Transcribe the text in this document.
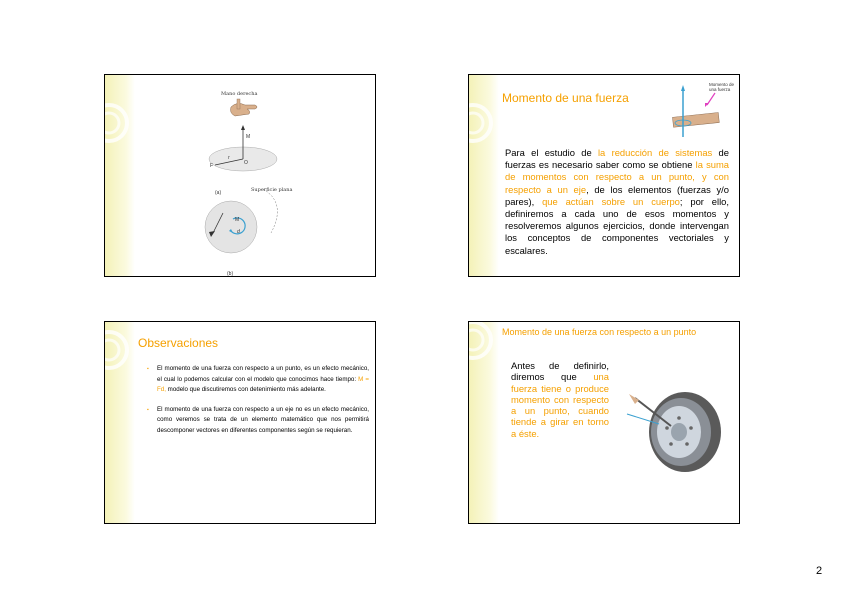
Mano derecha
M
O
F
r
(a)	Superficie plana
M
d
(b)
Momento de una fuerza
Momento de una fuerza
Para el estudio de la reducción de sistemas de fuerzas es necesario saber como se obtiene la suma de momentos con respecto a un punto, y con respecto a un eje, de los elementos (fuerzas y/o pares), que actúan sobre un cuerpo; por ello, definiremos a cada uno de esos momentos y resolveremos algunos ejercicios, donde intervengan los conceptos de componentes vectoriales y escalares.
Observaciones
▪ El momento de una fuerza con respecto a un punto, es un efecto mecánico, el cual lo podemos calcular con el modelo que conocimos hace tiempo: M = Fd, modelo que discutiremos con detenimiento más adelante.
▪ El momento de una fuerza con respecto a un eje no es un efecto mecánico, como veremos se trata de un elemento matemático que nos permitirá descomponer vectores en diferentes componentes según se requieran.
Momento de una fuerza con respecto a un punto
Antes de definirlo, diremos que una fuerza tiene o produce momento con respecto a un punto, cuando tiende a girar en torno a éste.
2
